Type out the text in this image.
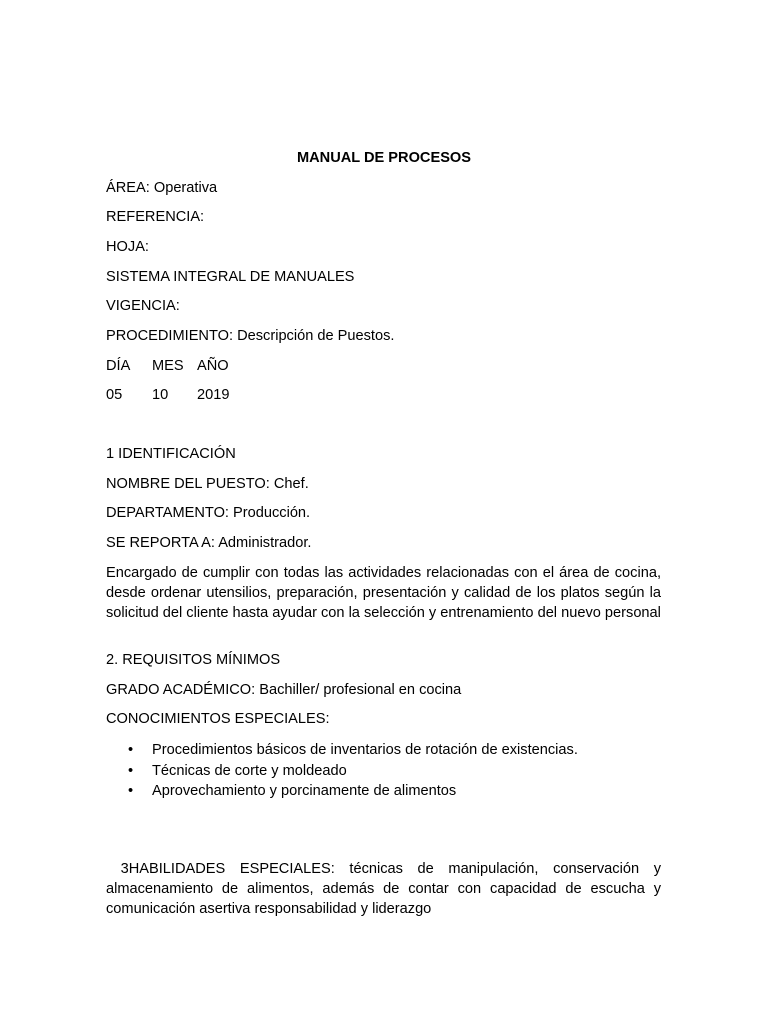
MANUAL DE PROCESOS
ÁREA: Operativa
REFERENCIA:
HOJA:
SISTEMA INTEGRAL DE MANUALES
VIGENCIA:
PROCEDIMIENTO: Descripción de Puestos.
DÍA MES AÑO
05 10 2019
1 IDENTIFICACIÓN
NOMBRE DEL PUESTO: Chef.
DEPARTAMENTO: Producción.
SE REPORTA A: Administrador.
Encargado de cumplir con todas las actividades relacionadas con el área de cocina, desde ordenar utensilios, preparación, presentación y calidad de los platos según la solicitud del cliente hasta ayudar con la selección y entrenamiento del nuevo personal
2. REQUISITOS MÍNIMOS
GRADO ACADÉMICO: Bachiller/ profesional en cocina
CONOCIMIENTOS ESPECIALES:
• Procedimientos básicos de inventarios de rotación de existencias.
• Técnicas de corte y moldeado
• Aprovechamiento y porcinamente de alimentos
3HABILIDADES ESPECIALES: técnicas de manipulación, conservación y almacenamiento de alimentos, además de contar con capacidad de escucha y comunicación asertiva responsabilidad y liderazgo
